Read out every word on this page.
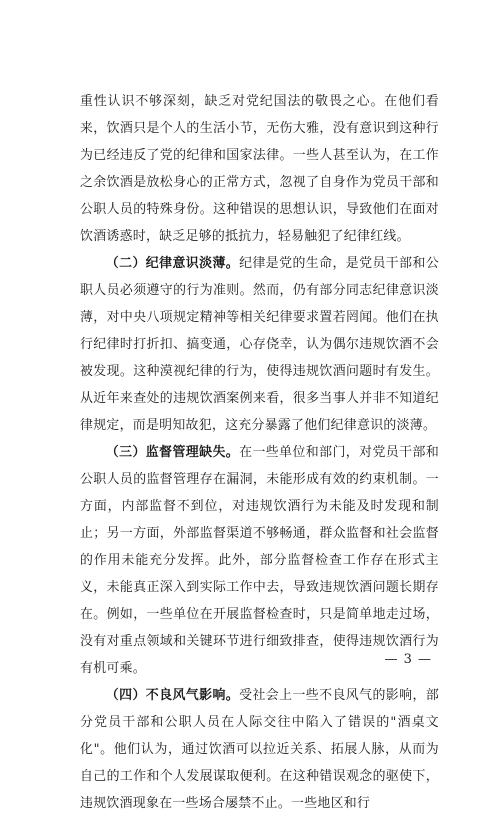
重性认识不够深刻，缺乏对党纪国法的敬畏之心。在他们看来，饮酒只是个人的生活小节，无伤大雅，没有意识到这种行为已经违反了党的纪律和国家法律。一些人甚至认为，在工作之余饮酒是放松身心的正常方式，忽视了自身作为党员干部和公职人员的特殊身份。这种错误的思想认识，导致他们在面对饮酒诱惑时，缺乏足够的抵抗力，轻易触犯了纪律红线。

（二）纪律意识淡薄。纪律是党的生命，是党员干部和公职人员必须遵守的行为准则。然而，仍有部分同志纪律意识淡薄，对中央八项规定精神等相关纪律要求置若罔闻。他们在执行纪律时打折扣、搞变通，心存侥幸，认为偶尔违规饮酒不会被发现。这种漠视纪律的行为，使得违规饮酒问题时有发生。从近年来查处的违规饮酒案例来看，很多当事人并非不知道纪律规定，而是明知故犯，这充分暴露了他们纪律意识的淡薄。

（三）监督管理缺失。在一些单位和部门，对党员干部和公职人员的监督管理存在漏洞，未能形成有效的约束机制。一方面，内部监督不到位，对违规饮酒行为未能及时发现和制止；另一方面，外部监督渠道不够畅通，群众监督和社会监督的作用未能充分发挥。此外，部分监督检查工作存在形式主义，未能真正深入到实际工作中去，导致违规饮酒问题长期存在。例如，一些单位在开展监督检查时，只是简单地走过场，没有对重点领域和关键环节进行细致排查，使得违规饮酒行为有机可乘。

（四）不良风气影响。受社会上一些不良风气的影响，部分党员干部和公职人员在人际交往中陷入了错误的"酒桌文化"。他们认为，通过饮酒可以拉近关系、拓展人脉，从而为自己的工作和个人发展谋取便利。在这种错误观念的驱使下，违规饮酒现象在一些场合屡禁不止。一些地区和行

— 3 —
